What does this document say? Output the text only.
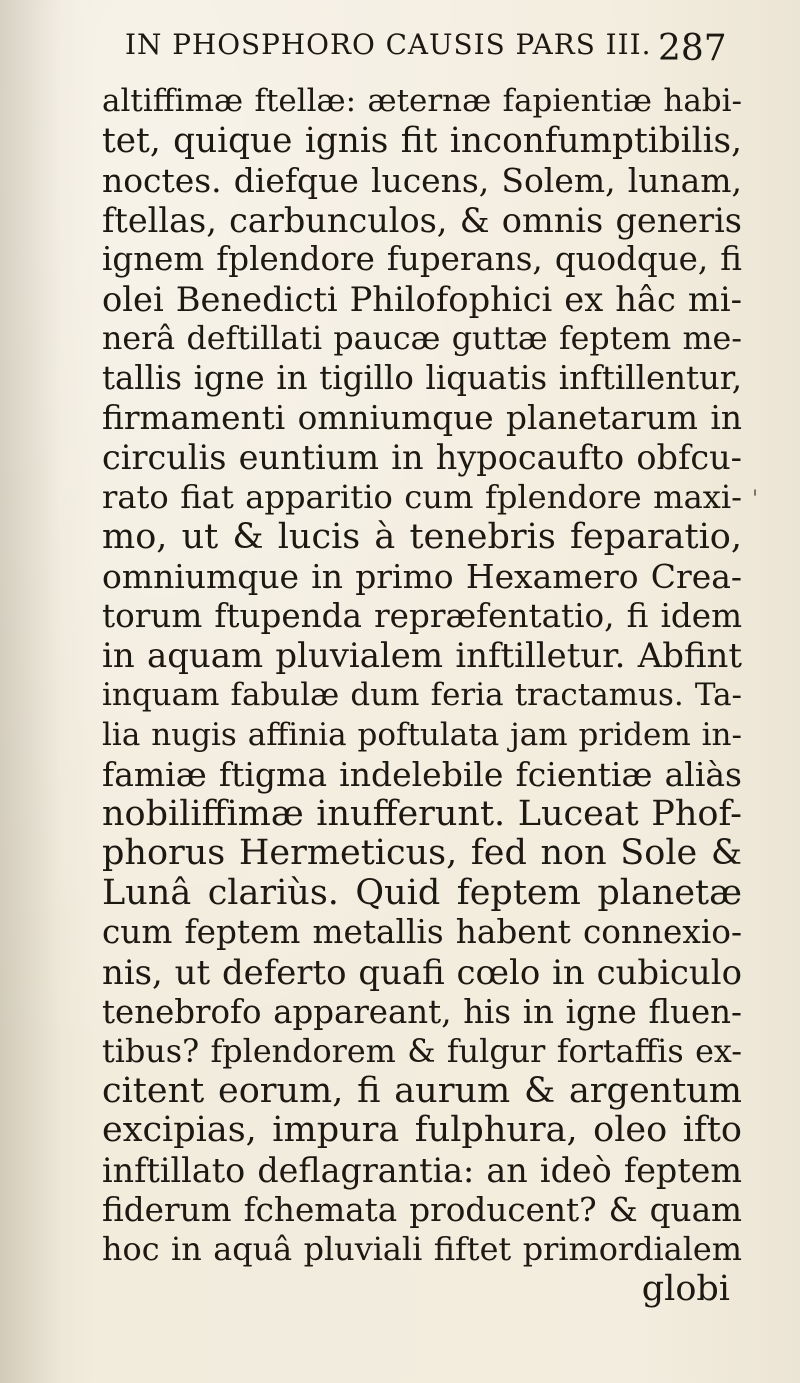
IN PHOSPHORO CAUSIS PARS III. 287
altiffimæ ftellæ: æternæ fapientiæ habi-
tet, quique ignis fit inconfumptibilis,
noctes. diefque lucens, Solem, lunam,
ftellas, carbunculos, & omnis generis
ignem fplendore fuperans, quodque, fi
olei Benedicti Philofophici ex hâc mi-
nerâ deftillati paucæ guttæ feptem me-
tallis igne in tigillo liquatis inftillentur,
firmamenti omniumque planetarum in
circulis euntium in hypocaufto obfcu-
rato fiat apparitio cum fplendore maxi-
mo, ut & lucis à tenebris feparatio,
omniumque in primo Hexamero Crea-
torum ftupenda repræfentatio, fi idem
in aquam pluvialem inftilletur. Abfint
inquam fabulæ dum feria tractamus. Ta-
lia nugis affinia poftulata jam pridem in-
famiæ ftigma indelebile fcientiæ aliàs
nobiliffimæ inufferunt. Luceat Phof-
phorus Hermeticus, fed non Sole &
Lunâ clariùs. Quid feptem planetæ
cum feptem metallis habent connexio-
nis, ut deferto quafi cœlo in cubiculo
tenebrofo appareant, his in igne fluen-
tibus? fplendorem & fulgur fortaffis ex-
citent eorum, fi aurum & argentum
excipias, impura fulphura, oleo ifto
inftillato deflagrantia: an ideò feptem
fiderum fchemata producent? & quam
hoc in aquâ pluviali fiftet primordialem
globi
'
